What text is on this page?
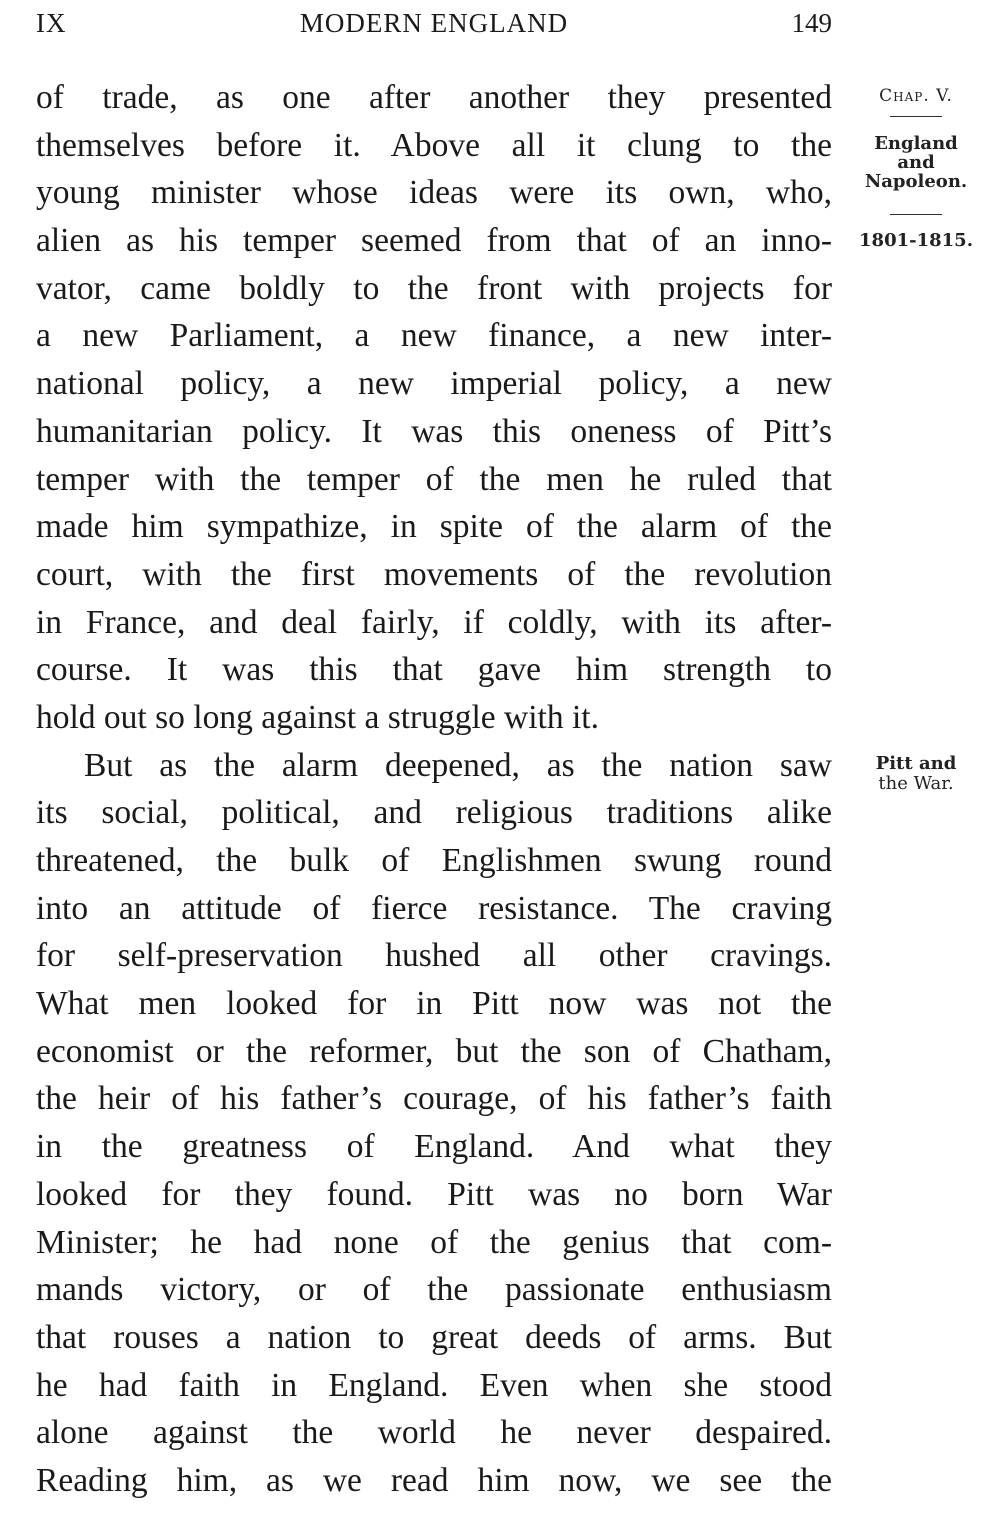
IX	MODERN ENGLAND	149
of trade, as one after another they presented
themselves before it. Above all it clung to the
young minister whose ideas were its own, who,
alien as his temper seemed from that of an inno-
vator, came boldly to the front with projects for
a new Parliament, a new finance, a new inter-
national policy, a new imperial policy, a new
humanitarian policy. It was this oneness of Pitt’s
temper with the temper of the men he ruled that
made him sympathize, in spite of the alarm of the
court, with the first movements of the revolution
in France, and deal fairly, if coldly, with its after-
course. It was this that gave him strength to
hold out so long against a struggle with it.
But as the alarm deepened, as the nation saw
its social, political, and religious traditions alike
threatened, the bulk of Englishmen swung round
into an attitude of fierce resistance. The craving
for self-preservation hushed all other cravings.
What men looked for in Pitt now was not the
economist or the reformer, but the son of Chatham,
the heir of his father’s courage, of his father’s faith
in the greatness of England. And what they
looked for they found. Pitt was no born War
Minister; he had none of the genius that com-
mands victory, or of the passionate enthusiasm
that rouses a nation to great deeds of arms. But
he had faith in England. Even when she stood
alone against the world he never despaired.
Reading him, as we read him now, we see the
Chap. V.
England
and
Napoleon.
1801-1815.
Pitt and
the War.
